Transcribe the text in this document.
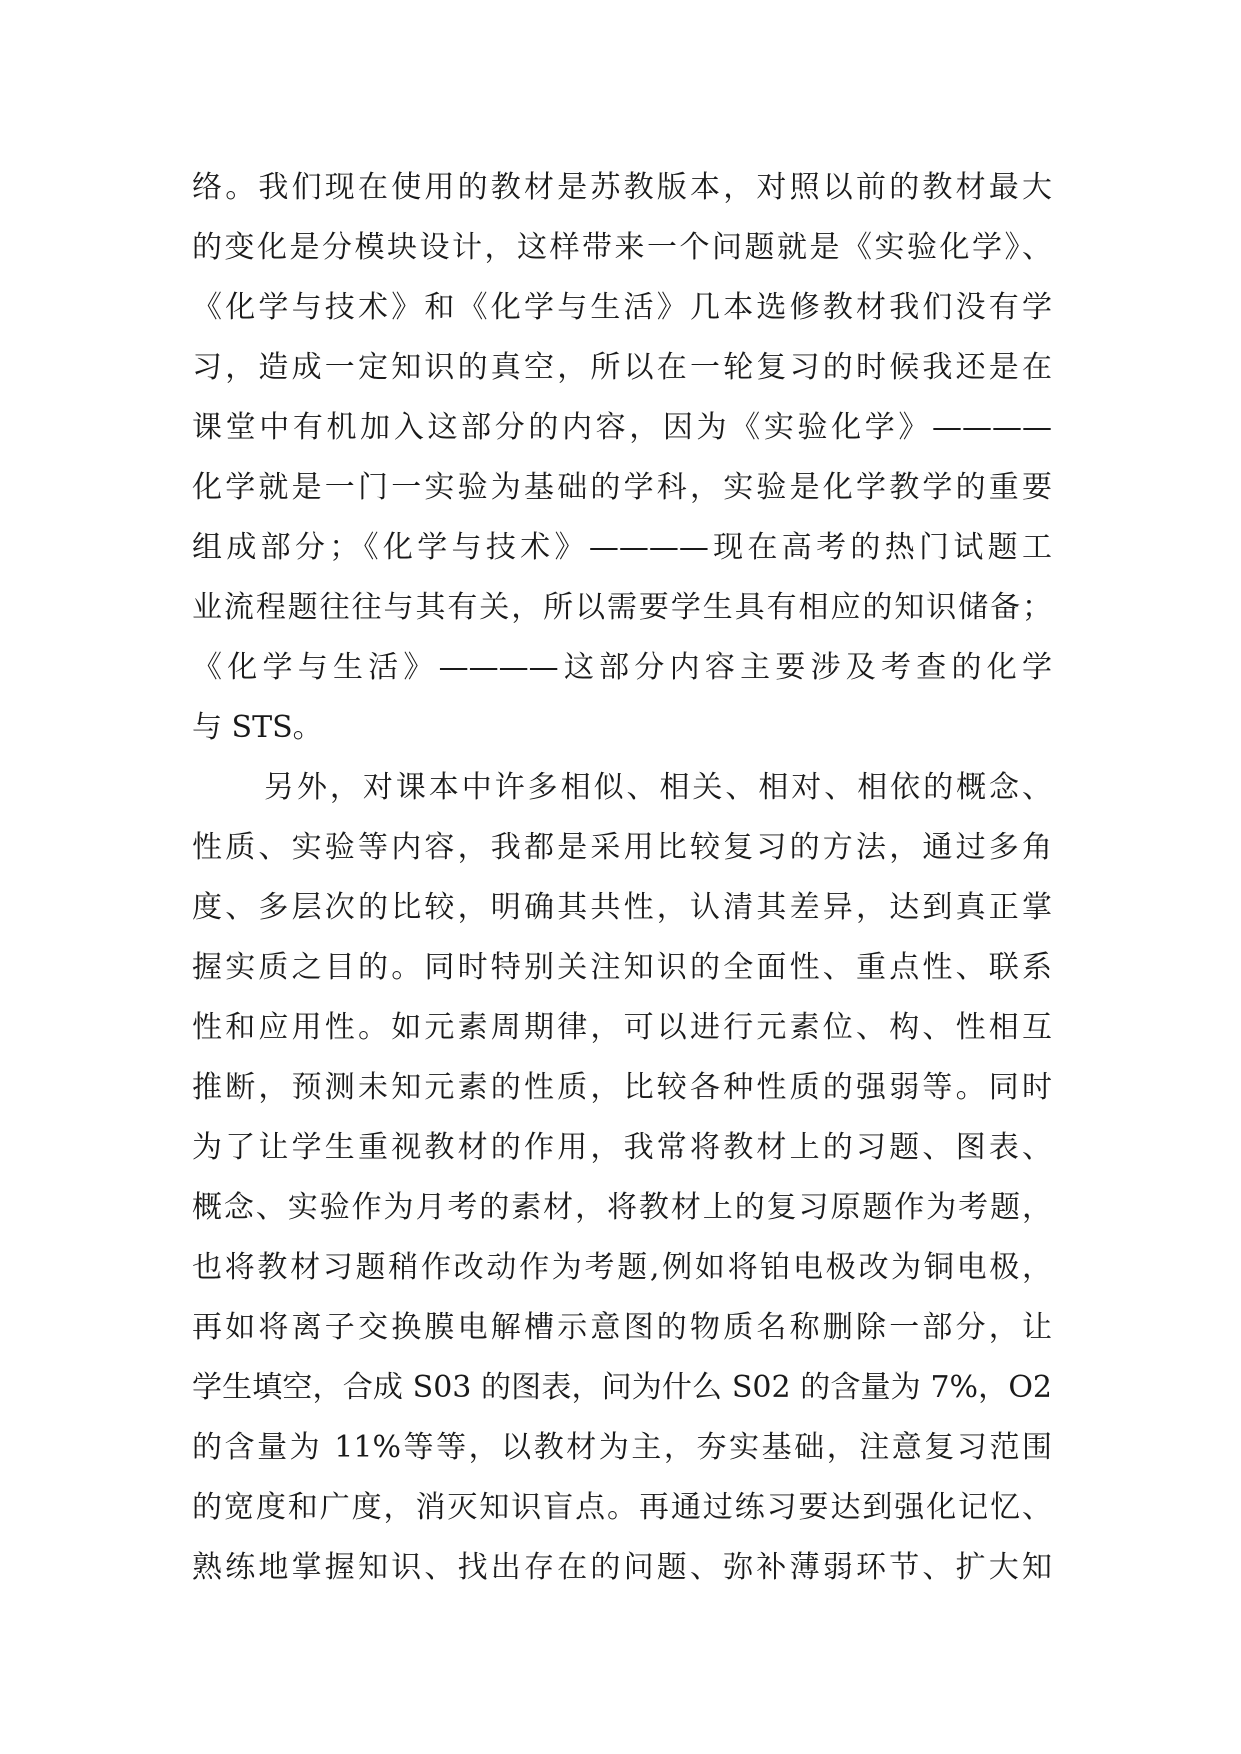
络。我们现在使用的教材是苏教版本，对照以前的教材最大
的变化是分模块设计，这样带来一个问题就是《实验化学》、
《化学与技术》和《化学与生活》几本选修教材我们没有学
习，造成一定知识的真空，所以在一轮复习的时候我还是在
课堂中有机加入这部分的内容，因为《实验化学》————
化学就是一门一实验为基础的学科，实验是化学教学的重要
组成部分；《化学与技术》————现在高考的热门试题工
业流程题往往与其有关，所以需要学生具有相应的知识储备；
《化学与生活》————这部分内容主要涉及考查的化学
与 STS。
另外，对课本中许多相似、相关、相对、相依的概念、
性质、实验等内容，我都是采用比较复习的方法，通过多角
度、多层次的比较，明确其共性，认清其差异，达到真正掌
握实质之目的。同时特别关注知识的全面性、重点性、联系
性和应用性。如元素周期律，可以进行元素位、构、性相互
推断，预测未知元素的性质，比较各种性质的强弱等。同时
为了让学生重视教材的作用，我常将教材上的习题、图表、
概念、实验作为月考的素材，将教材上的复习原题作为考题，
也将教材习题稍作改动作为考题,例如将铂电极改为铜电极，
再如将离子交换膜电解槽示意图的物质名称删除一部分，让
学生填空，合成 S03 的图表，问为什么 S02 的含量为 7%，O2
的含量为 11%等等，以教材为主，夯实基础，注意复习范围
的宽度和广度，消灭知识盲点。再通过练习要达到强化记忆、
熟练地掌握知识、找出存在的问题、弥补薄弱环节、扩大知
